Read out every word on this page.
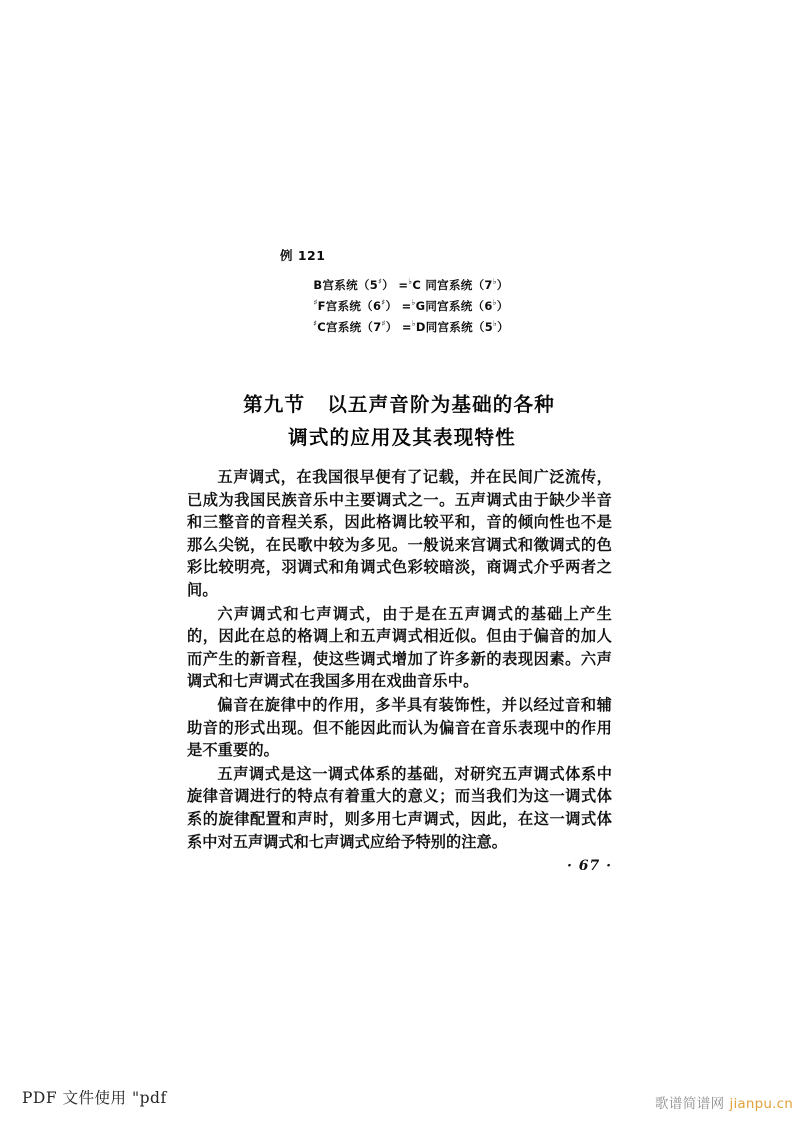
例 121
B宫系统（5♯） =♭C 同宫系统（7♭）
♯F宫系统（6♯） =♭G同宫系统（6♭）
♯C宫系统（7♯） =♭D同宫系统（5♭）
第九节 以五声音阶为基础的各种
调式的应用及其表现特性

五声调式，在我国很早便有了记载，并在民间广泛流传，已成为我国民族音乐中主要调式之一。五声调式由于缺少半音和三整音的音程关系，因此格调比较平和，音的倾向性也不是那么尖锐，在民歌中较为多见。一般说来宫调式和徵调式的色彩比较明亮，羽调式和角调式色彩较暗淡，商调式介乎两者之间。

六声调式和七声调式，由于是在五声调式的基础上产生的，因此在总的格调上和五声调式相近似。但由于偏音的加人而产生的新音程，使这些调式增加了许多新的表现因素。六声调式和七声调式在我国多用在戏曲音乐中。

偏音在旋律中的作用，多半具有装饰性，并以经过音和辅助音的形式出现。但不能因此而认为偏音在音乐表现中的作用是不重要的。

五声调式是这一调式体系的基础，对研究五声调式体系中旋律音调进行的特点有着重大的意义；而当我们为这一调式体系的旋律配置和声时，则多用七声调式，因此，在这一调式体系中对五声调式和七声调式应给予特别的注意。

· 67 ·
PDF 文件使用 "pdf	歌谱简谱网 jianpu.cn
